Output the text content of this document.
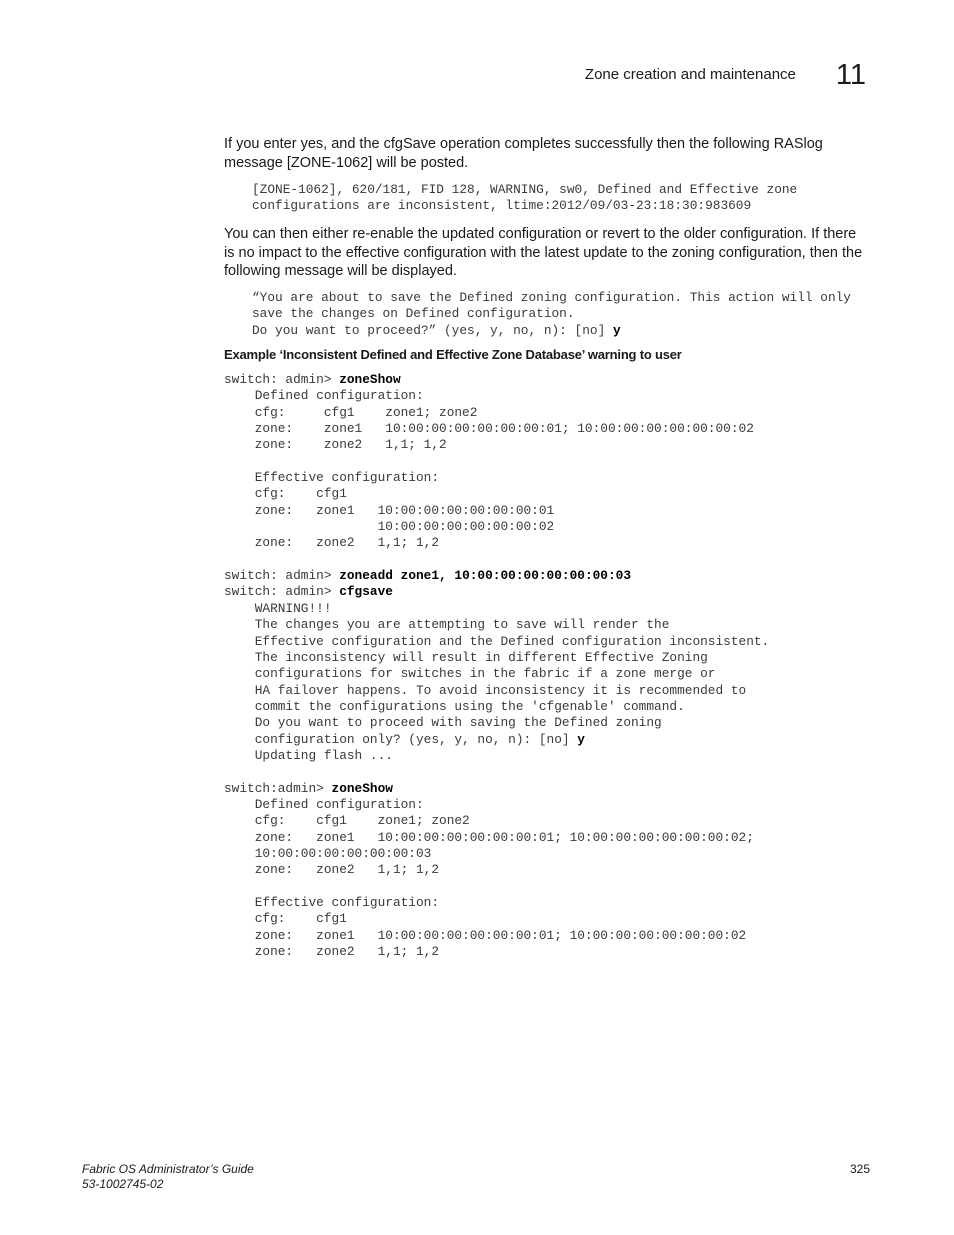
Zone creation and maintenance 11

If you enter yes, and the cfgSave operation completes successfully then the following RASlog message [ZONE-1062] will be posted.

[ZONE-1062], 620/181, FID 128, WARNING, sw0, Defined and Effective zone
configurations are inconsistent, ltime:2012/09/03-23:18:30:983609

You can then either re-enable the updated configuration or revert to the older configuration. If there is no impact to the effective configuration with the latest update to the zoning configuration, then the following message will be displayed.

“You are about to save the Defined zoning configuration. This action will only
save the changes on Defined configuration.
Do you want to proceed?” (yes, y, no, n): [no] y

Example ‘Inconsistent Defined and Effective Zone Database’ warning to user

switch: admin> zoneShow
Defined configuration:
cfg:     cfg1    zone1; zone2
zone:    zone1   10:00:00:00:00:00:00:01; 10:00:00:00:00:00:00:02
zone:    zone2   1,1; 1,2

Effective configuration:
cfg:    cfg1
zone:   zone1   10:00:00:00:00:00:00:01
10:00:00:00:00:00:00:02
zone:   zone2   1,1; 1,2

switch: admin> zoneadd zone1, 10:00:00:00:00:00:00:03
switch: admin> cfgsave
WARNING!!!
The changes you are attempting to save will render the
Effective configuration and the Defined configuration inconsistent.
The inconsistency will result in different Effective Zoning
configurations for switches in the fabric if a zone merge or
HA failover happens. To avoid inconsistency it is recommended to
commit the configurations using the 'cfgenable' command.
Do you want to proceed with saving the Defined zoning
configuration only? (yes, y, no, n): [no] y
Updating flash ...

switch:admin> zoneShow
Defined configuration:
cfg:    cfg1    zone1; zone2
zone:   zone1   10:00:00:00:00:00:00:01; 10:00:00:00:00:00:00:02;
10:00:00:00:00:00:00:03
zone:   zone2   1,1; 1,2

Effective configuration:
cfg:    cfg1
zone:   zone1   10:00:00:00:00:00:00:01; 10:00:00:00:00:00:00:02
zone:   zone2   1,1; 1,2
Fabric OS Administrator’s Guide
53-1002745-02
325
